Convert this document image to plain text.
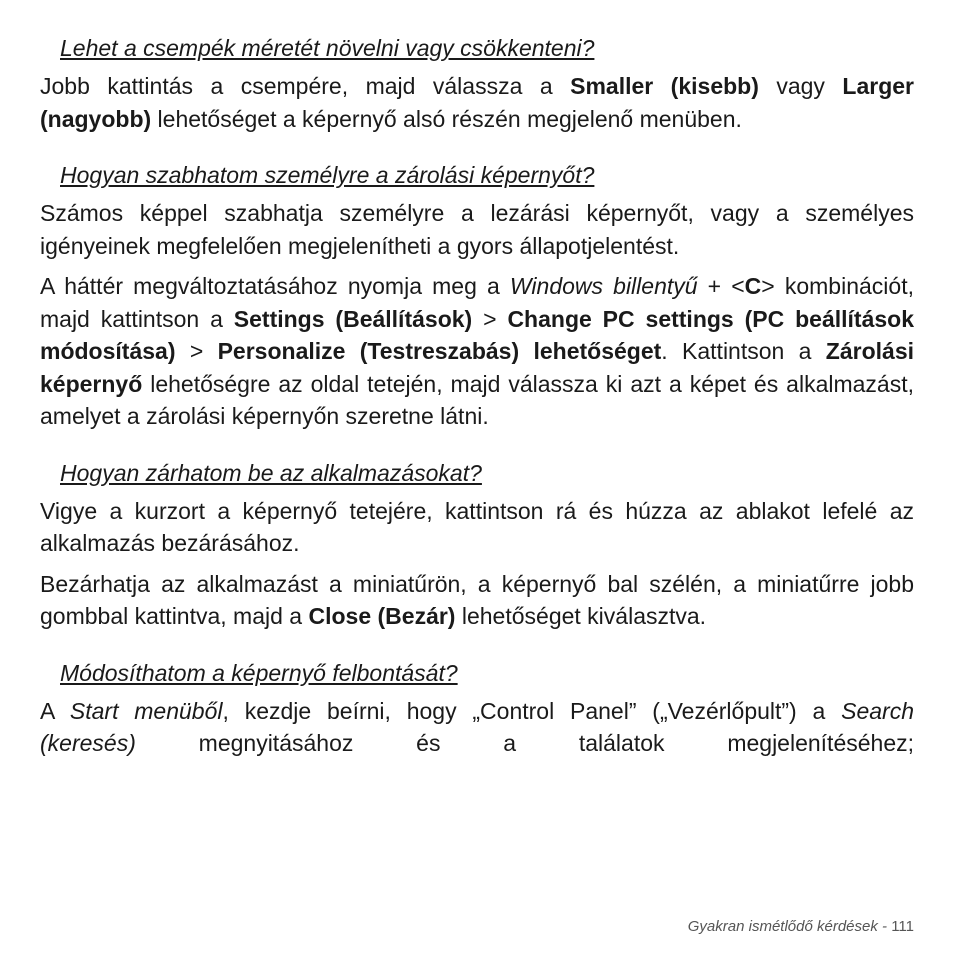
Lehet a csempék méretét növelni vagy csökkenteni?

Jobb kattintás a csempére, majd válassza a Smaller (kisebb) vagy Larger (nagyobb) lehetőséget a képernyő alsó részén megjelenő menüben.

Hogyan szabhatom személyre a zárolási képernyőt?

Számos képpel szabhatja személyre a lezárási képernyőt, vagy a személyes igényeinek megfelelően megjelenítheti a gyors állapotjelentést.

A háttér megváltoztatásához nyomja meg a Windows billentyű + <C> kombinációt, majd kattintson a Settings (Beállítások) > Change PC settings (PC beállítások módosítása) > Personalize (Testreszabás) lehetőséget. Kattintson a Zárolási képernyő lehetőségre az oldal tetején, majd válassza ki azt a képet és alkalmazást, amelyet a zárolási képernyőn szeretne látni.

Hogyan zárhatom be az alkalmazásokat?

Vigye a kurzort a képernyő tetejére, kattintson rá és húzza az ablakot lefelé az alkalmazás bezárásához.

Bezárhatja az alkalmazást a miniatűrön, a képernyő bal szélén, a miniatűrre jobb gombbal kattintva, majd a Close (Bezár) lehetőséget kiválasztva.

Módosíthatom a képernyő felbontását?

A Start menüből, kezdje beírni, hogy „Control Panel” („Vezérlőpult”) a Search (keresés) megnyitásához és a találatok megjelenítéséhez;

Gyakran ismétlődő kérdések - 111
